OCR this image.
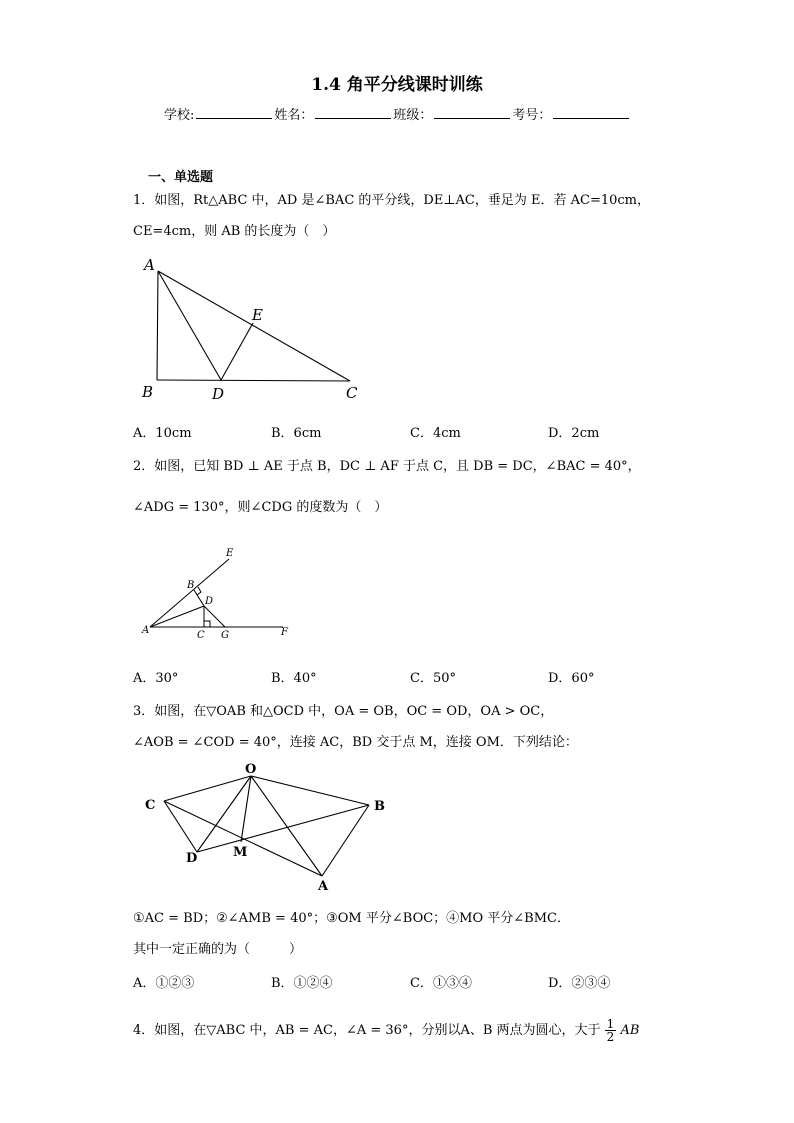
1.4 角平分线课时训练
学校:	姓名：	班级：	考号：
一、单选题
1．如图，Rt△ABC 中，AD 是∠BAC 的平分线，DE⊥AC，垂足为 E．若 AC=10cm，
CE=4cm，则 AB 的长度为（　）
A
B	D	C
E
A．10cm	B．6cm	C．4cm	D．2cm
2．如图，已知 BD ⊥ AE 于点 B，DC ⊥ AF 于点 C，且 DB = DC，∠BAC = 40°，
∠ADG = 130°，则∠CDG 的度数为（　）
E
B
D
A	C G	F
A．30°	B．40°	C．50°	D．60°
3．如图，在▽OAB 和△OCD 中，OA = OB，OC = OD，OA > OC，
∠AOB = ∠COD = 40°，连接 AC，BD 交于点 M，连接 OM．下列结论：
O
C	B
D	M
A
①AC = BD；②∠AMB = 40°；③OM 平分∠BOC；④MO 平分∠BMC．
其中一定正确的为（　　　）
A．①②③	B．①②④	C．①③④	D．②③④
4．如图，在▽ABC 中，AB = AC，∠A = 36°，分别以A、B 两点为圆心，大于 $\frac{1}{2}$ AB
